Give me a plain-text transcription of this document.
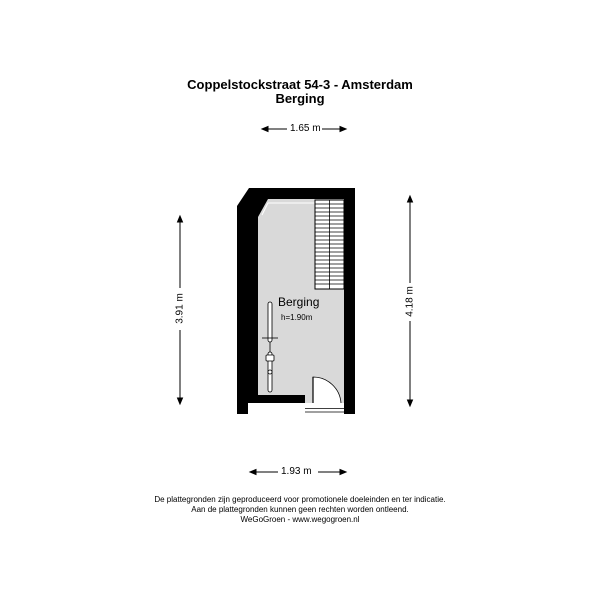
Coppelstockstraat 54-3 - Amsterdam
Berging
1.65 m
1.93 m
3.91 m	4.18 m
Berging
h=1.90m
De plattegronden zijn geproduceerd voor promotionele doeleinden en ter indicatie.
Aan de plattegronden kunnen geen rechten worden ontleend.
WeGoGroen - www.wegogroen.nl
